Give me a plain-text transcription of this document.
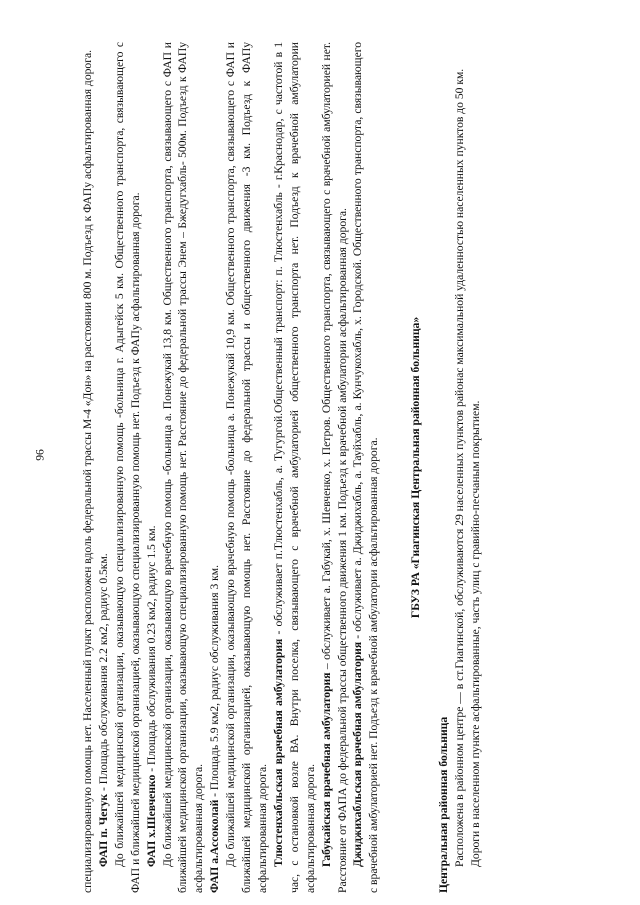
96	специализированную помощь нет. Населенный пункт расположен вдоль федеральной трассы М-4 «Дон» на расстоянии 800 м. Подъезд к ФАПу асфальтированная дорога. ФАП п. Чегук - Площадь обслуживания 2.2 км2, радиус 0.5км. До ближайшей медицинской организации, оказывающую специализированную помощь -больница г. Адыгейск 5 км. Общественного транспорта, связывающего с ФАП и ближайшей медицинской организацией, оказывающую специализированную помощь нет. Подъезд к ФАПу асфальтированная дорога. ФАП х.Шевченко - Площадь обслуживания 0.23 км2, радиус 1.5 км. До ближайшей медицинской организации, оказывающую врачебную помощь -больница а. Понежукай 13,8 км. Общественного транспорта, связывающего с ФАП и ближайшей медицинской организации, оказывающую специализированную помощь нет. Расстояние до федеральной трассы Энем – Бжедугхабль- 500м. Подъезд к ФАПу асфальтированная дорога. ФАП а.Ассоколай - Площадь 5.9 км2, радиус обслуживания 3 км. До ближайшей медицинской организации, оказывающую врачебную помощь -больница а. Понежукай 10,9 км. Общественного транспорта, связывающего с ФАП и ближайшей медицинской организацией, оказывающую помощь нет. Расстояние до федеральной трассы и общественного движения -3 км. Подъезд к ФАПу асфальтированная дорога. Тлюстенхабльская врачебная амбулатория - обслуживает п.Тлюстенхабль, а. Тугургой.Общественный транспорт: п. Тлюстенхабль - г.Краснодар, с частотой в 1 час, с остановкой возле ВА. Внутри поселка, связывающего с врачебной амбулаторией общественного транспорта нет. Подъезд к врачебной амбулатории асфальтированная дорога. Габукайская врачебная амбулатория – обслуживает а. Габукай, х. Шевченко, х. Петров. Общественного транспорта, связывающего с врачебной амбулаторией нет. Расстояние от ФАПА до федеральной трассы общественного движения 1 км. Подъезд к врачебной амбулатории асфальтированная дорога. Джиджихабльская врачебная амбулатория - обслуживает а. Джиджихабль, а. Тауйхабль, а. Кунчукохабль, х. Городской. Общественного транспорта, связывающего с врачебной амбулаторией нет. Подъезд к врачебной амбулатории асфальтированная дорога. ГБУЗ РА «Гиагинская Центральная районная больница»

Центральная районная больница Расположена в районном центре — в ст.Гиагинской, обслуживаются 29 населенных пунктов районас максимальной удаленностью населенных пунктов до 50 км. Дороги в населенном пункте асфальтированные, часть улиц с гравийно-песчаным покрытием.
